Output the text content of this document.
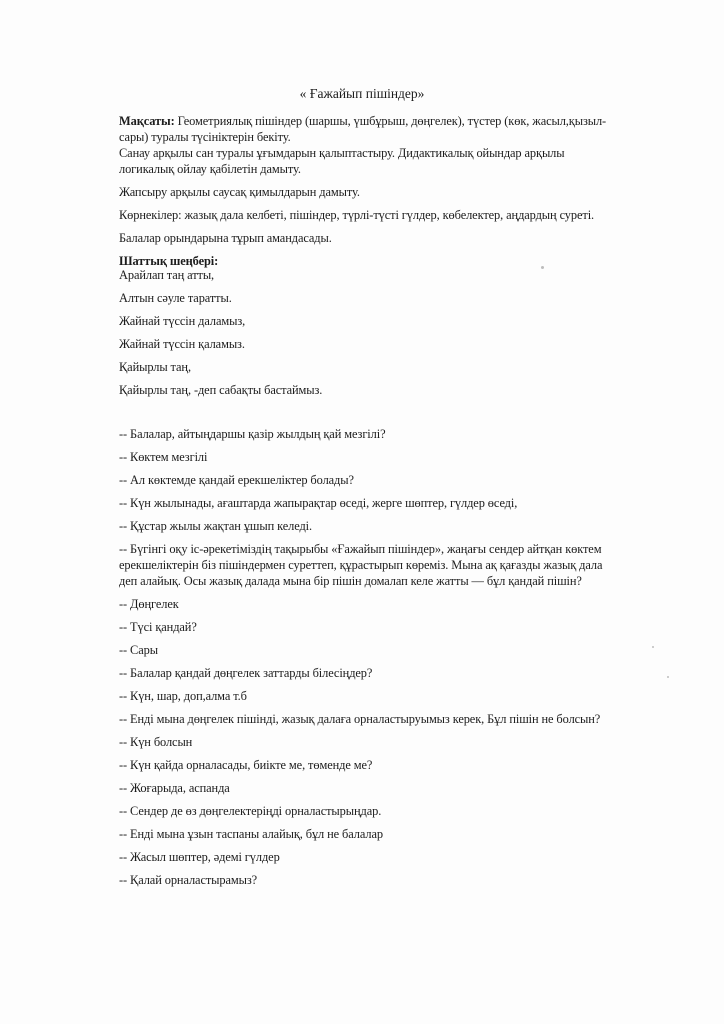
« Ғажайып пішіндер»
Мақсаты: Геометриялық пішіндер (шаршы, үшбұрыш, дөңгелек), түстер (көк, жасыл,қызыл-
сары) туралы түсініктерін бекіту.
Санау арқылы сан туралы ұғымдарын қалыптастыру. Дидактикалық ойындар арқылы
логикалық ойлау қабілетін дамыту.
Жапсыру арқылы саусақ қимылдарын дамыту.
Көрнекілер: жазық дала келбеті, пішіндер, түрлі-түсті гүлдер, көбелектер, аңдардың суреті.
Балалар орындарына тұрып амандасады.
Шаттық шеңбері:
Арайлап таң атты,
Алтын сәуле таратты.
Жайнай түссін даламыз,
Жайнай түссін қаламыз.
Қайырлы таң,
Қайырлы таң, -деп сабақты бастаймыз.
-- Балалар, айтыңдаршы қазір жылдың қай мезгілі?
-- Көктем мезгілі
-- Ал көктемде қандай ерекшеліктер болады?
-- Күн жылынады, ағаштарда жапырақтар өседі, жерге шөптер, гүлдер өседі,
-- Құстар жылы жақтан ұшып келеді.
-- Бүгінгі оқу іс-әрекетіміздің тақырыбы «Ғажайып пішіндер», жаңағы сендер айтқан көктем
ерекшеліктерін біз пішіндермен суреттеп, құрастырып көреміз. Мына ақ қағазды жазық дала
деп алайық. Осы жазық далада мына бір пішін домалап келе жатты — бұл қандай пішін?
-- Дөңгелек
-- Түсі қандай?
-- Сары
-- Балалар қандай дөңгелек заттарды білесіңдер?
-- Күн, шар, доп,алма т.б
-- Енді мына дөңгелек пішінді, жазық далаға орналастыруымыз керек, Бұл пішін не болсын?
-- Күн болсын
-- Күн қайда орналасады, биікте ме, төменде ме?
-- Жоғарыда, аспанда
-- Сендер де өз дөңгелектеріңді орналастырыңдар.
-- Енді мына ұзын таспаны алайық, бұл не балалар
-- Жасыл шөптер, әдемі гүлдер
-- Қалай орналастырамыз?
